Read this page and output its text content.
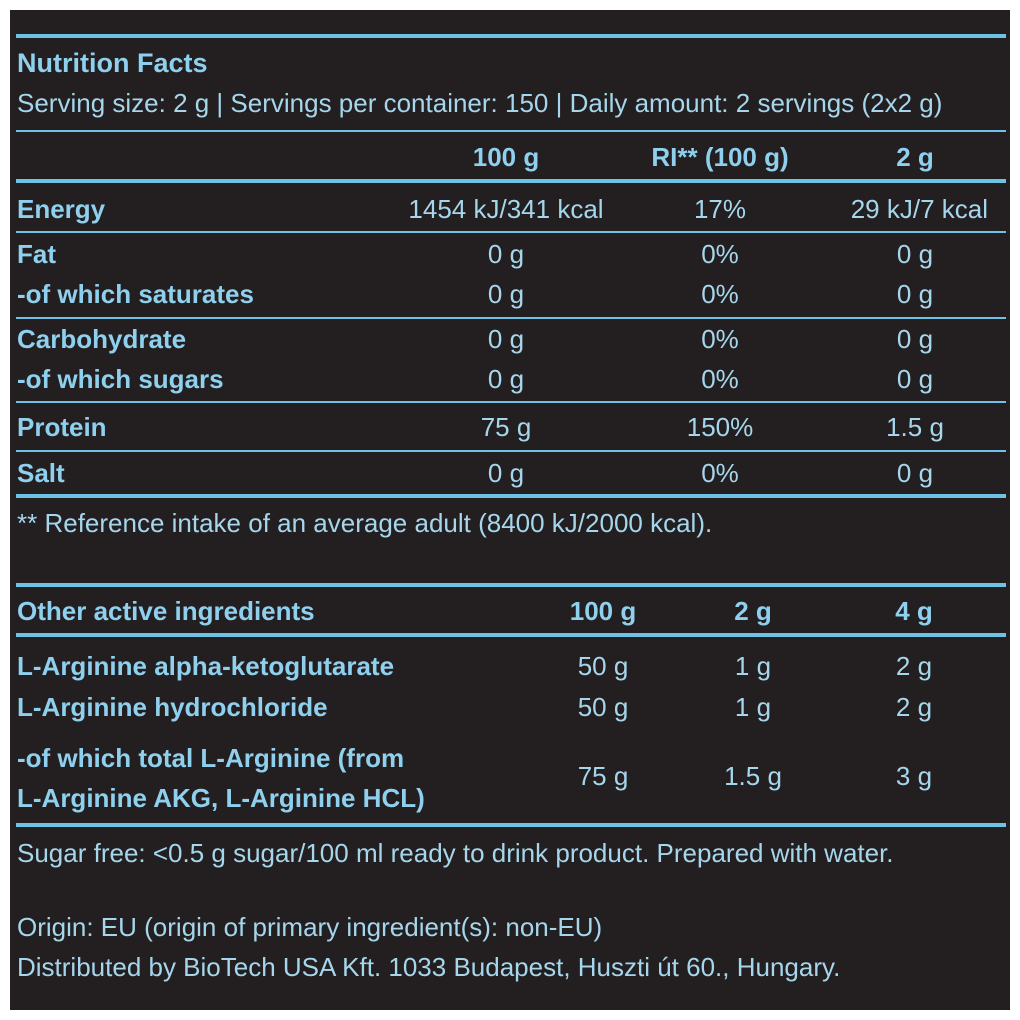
Nutrition Facts
Serving size: 2 g | Servings per container: 150 | Daily amount: 2 servings (2x2 g)
100 g	RI** (100 g)	2 g
Energy	1454 kJ/341 kcal	17%	29 kJ/7 kcal
Fat	0 g	0%	0 g
-of which saturates	0 g	0%	0 g
Carbohydrate	0 g	0%	0 g
-of which sugars	0 g	0%	0 g
Protein	75 g	150%	1.5 g
Salt	0 g	0%	0 g
** Reference intake of an average adult (8400 kJ/2000 kcal).
Other active ingredients	100 g	2 g	4 g
L-Arginine alpha-ketoglutarate	50 g	1 g	2 g
L-Arginine hydrochloride	50 g	1 g	2 g
-of which total L-Arginine (from
L-Arginine AKG, L-Arginine HCL)
75 g	1.5 g	3 g
Sugar free: <0.5 g sugar/100 ml ready to drink product. Prepared with water.
Origin: EU (origin of primary ingredient(s): non-EU)
Distributed by BioTech USA Kft. 1033 Budapest, Huszti út 60., Hungary.
